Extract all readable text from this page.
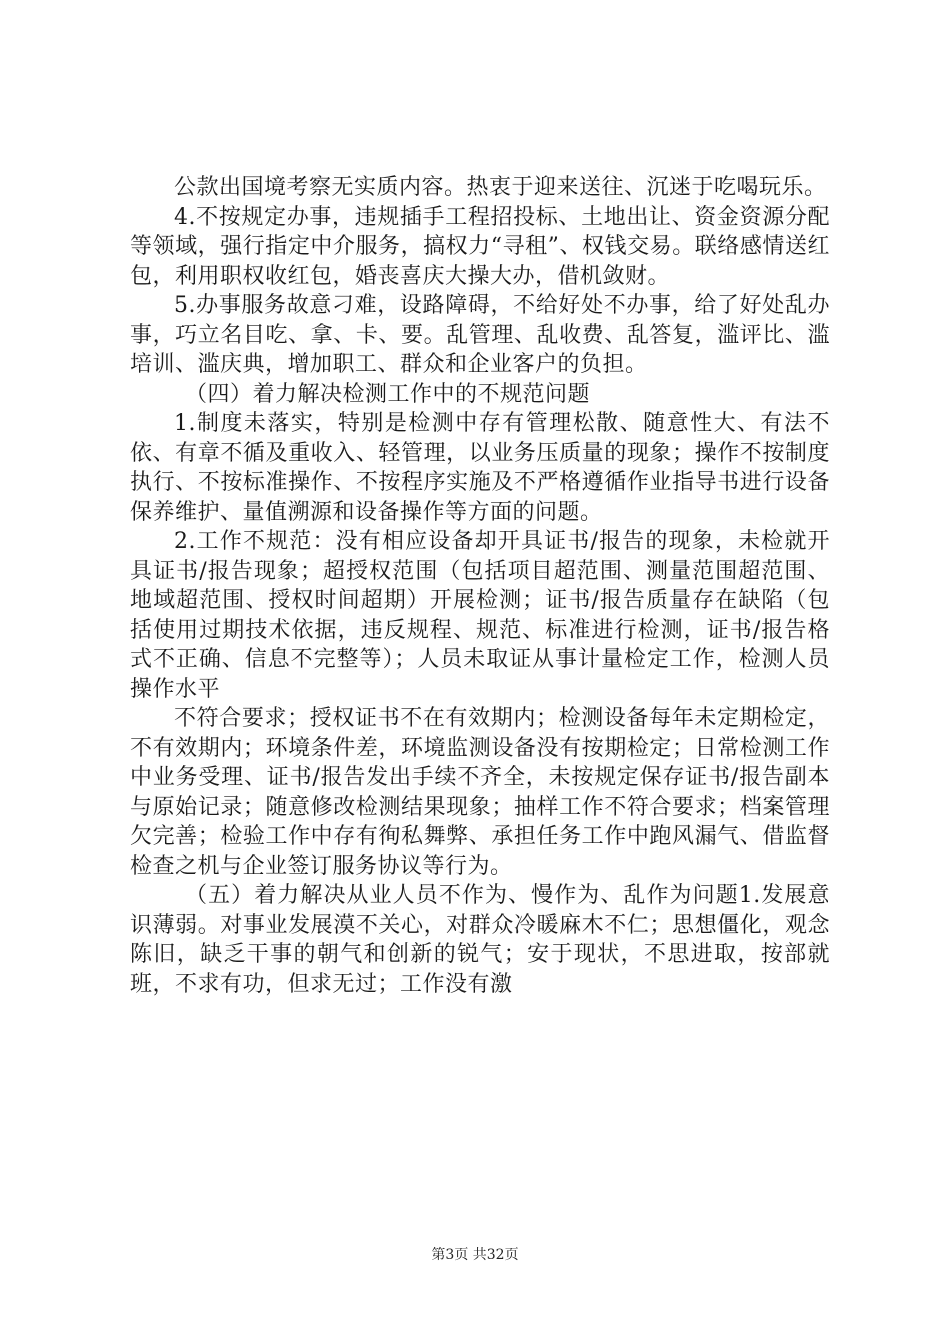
公款出国境考察无实质内容。热衷于迎来送往、沉迷于吃喝玩乐。

4.不按规定办事，违规插手工程招投标、土地出让、资金资源分配等领域，强行指定中介服务，搞权力“寻租”、权钱交易。联络感情送红包，利用职权收红包，婚丧喜庆大操大办，借机敛财。

5.办事服务故意刁难，设路障碍，不给好处不办事，给了好处乱办事，巧立名目吃、拿、卡、要。乱管理、乱收费、乱答复，滥评比、滥培训、滥庆典，增加职工、群众和企业客户的负担。

（四）着力解决检测工作中的不规范问题

1.制度未落实，特别是检测中存有管理松散、随意性大、有法不依、有章不循及重收入、轻管理，以业务压质量的现象；操作不按制度执行、不按标准操作、不按程序实施及不严格遵循作业指导书进行设备保养维护、量值溯源和设备操作等方面的问题。

2.工作不规范：没有相应设备却开具证书/报告的现象，未检就开具证书/报告现象；超授权范围（包括项目超范围、测量范围超范围、地域超范围、授权时间超期）开展检测；证书/报告质量存在缺陷（包括使用过期技术依据，违反规程、规范、标准进行检测，证书/报告格式不正确、信息不完整等）；人员未取证从事计量检定工作，检测人员操作水平

不符合要求；授权证书不在有效期内；检测设备每年未定期检定，不有效期内；环境条件差，环境监测设备没有按期检定；日常检测工作中业务受理、证书/报告发出手续不齐全，未按规定保存证书/报告副本与原始记录；随意修改检测结果现象；抽样工作不符合要求；档案管理欠完善；检验工作中存有徇私舞弊、承担任务工作中跑风漏气、借监督检查之机与企业签订服务协议等行为。

（五）着力解决从业人员不作为、慢作为、乱作为问题1.发展意识薄弱。对事业发展漠不关心，对群众冷暖麻木不仁；思想僵化，观念陈旧，缺乏干事的朝气和创新的锐气；安于现状，不思进取，按部就班，不求有功，但求无过；工作没有激

第3页 共32页
